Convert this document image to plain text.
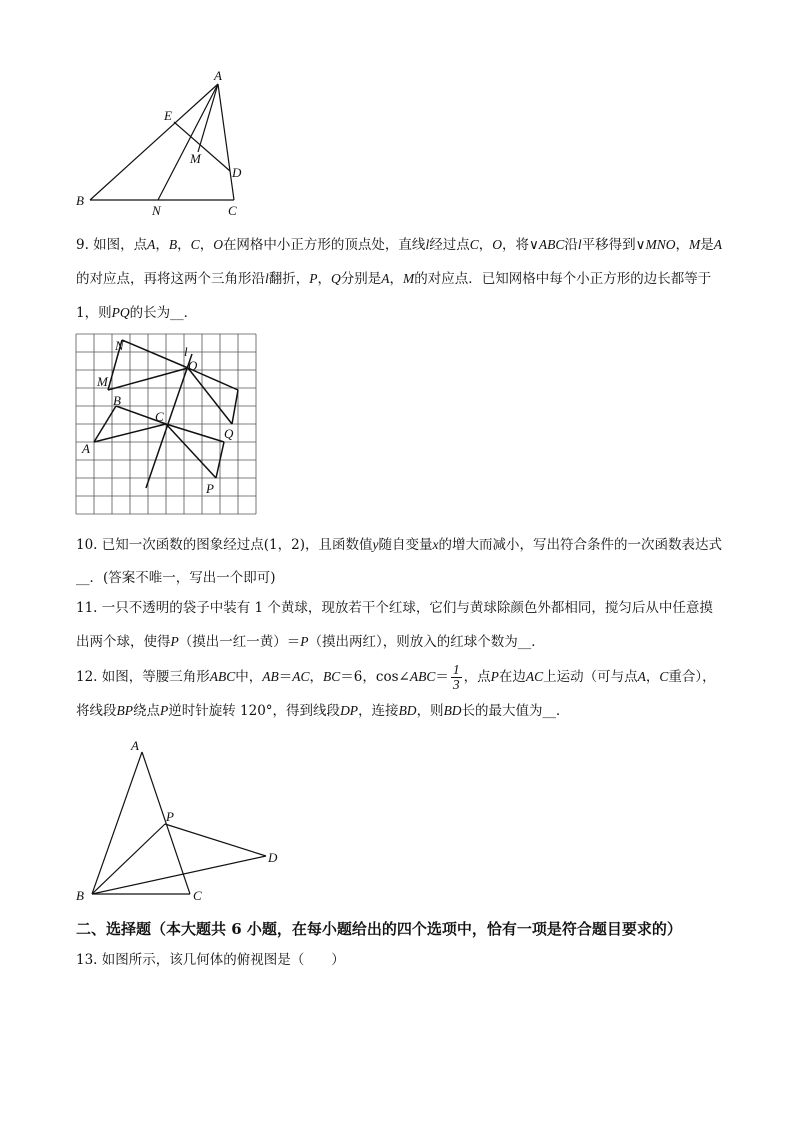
A
E
M
D
B
N	C

9. 如图，点A，B，C，O在网格中小正方形的顶点处，直线l经过点C，O，将∨ABC沿l平移得到∨MNO，M是A的对应点，再将这两个三角形沿l翻折，P，Q分别是A，M的对应点．已知网格中每个小正方形的边长都等于 1，则PQ的长为__．

N	l
O
M
B
C
Q
A
P

10. 已知一次函数的图象经过点(1，2)，且函数值y随自变量x的增大而减小，写出符合条件的一次函数表达式__．(答案不唯一，写出一个即可)

11. 一只不透明的袋子中装有 1 个黄球，现放若干个红球，它们与黄球除颜色外都相同，搅匀后从中任意摸出两个球，使得P（摸出一红一黄）＝P（摸出两红），则放入的红球个数为__．

12. 如图，等腰三角形ABC中，AB＝AC，BC＝6，cos∠ABC＝ $\frac{1}{3}$ ，点P在边AC上运动（可与点A，C重合），将线段BP绕点P逆时针旋转 120°，得到线段DP，连接BD，则BD长的最大值为__．

A
P
D
B	C

二、选择题（本大题共 6 小题，在每小题给出的四个选项中，恰有一项是符合题目要求的）

13. 如图所示，该几何体的俯视图是（　　）
